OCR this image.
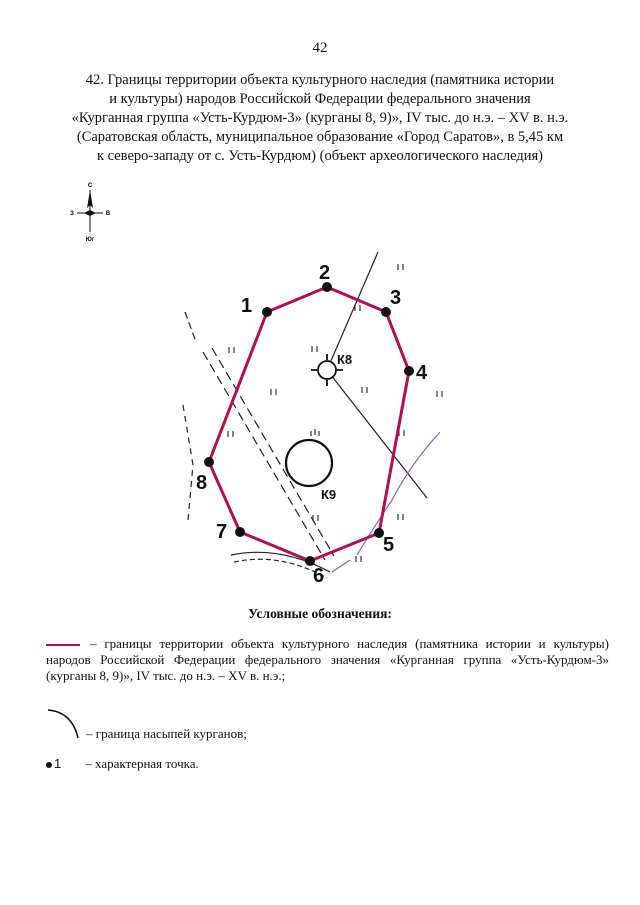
42
42. Границы территории объекта культурного наследия (памятника истории
и культуры) народов Российской Федерации федерального значения
«Курганная группа «Усть-Курдюм-3» (курганы 8, 9)», IV тыс. до н.э. – XV в. н.э.
(Саратовская область, муниципальное образование «Город Саратов», в 5,45 км
к северо-западу от с. Усть-Курдюм) (объект археологического наследия)
С
З	В
Юг
К8
К9
1
2
3
4
5
6
7
8
Условные обозначения:
– границы территории объекта культурного наследия (памятника истории и культуры) народов Российской Федерации федерального значения «Курганная группа «Усть-Курдюм-3» (курганы 8, 9)», IV тыс. до н.э. – XV в. н.э.;
– граница насыпей курганов;
1 – характерная точка.
